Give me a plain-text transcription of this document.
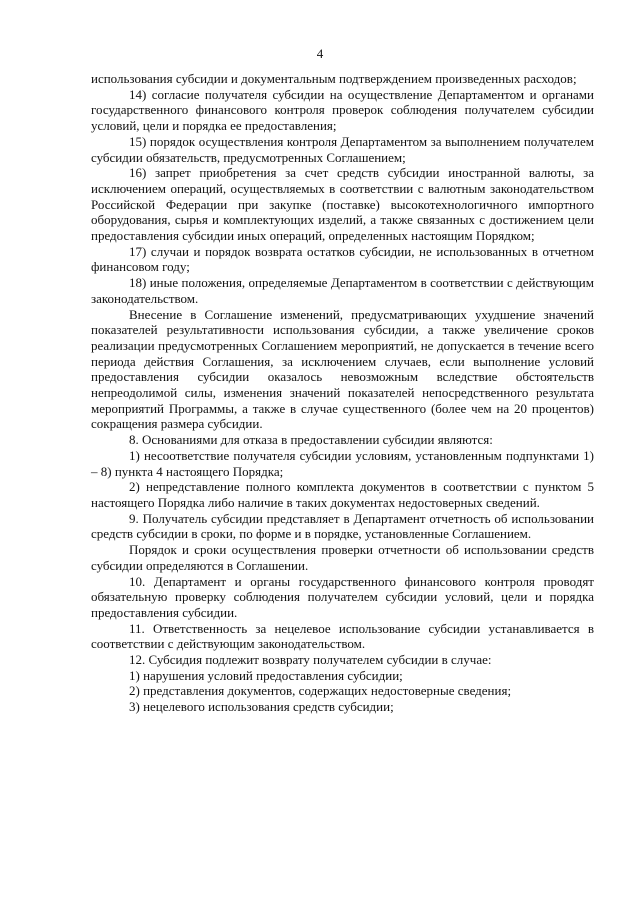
4

использования субсидии и документальным подтверждением произведенных расходов;

14) согласие получателя субсидии на осуществление Департаментом и органами государственного финансового контроля проверок соблюдения получателем субсидии условий, цели и порядка ее предоставления;

15) порядок осуществления контроля Департаментом за выполнением получателем субсидии обязательств, предусмотренных Соглашением;

16) запрет приобретения за счет средств субсидии иностранной валюты, за исключением операций, осуществляемых в соответствии с валютным законодательством Российской Федерации при закупке (поставке) высокотехнологичного импортного оборудования, сырья и комплектующих изделий, а также связанных с достижением цели предоставления субсидии иных операций, определенных настоящим Порядком;

17) случаи и порядок возврата остатков субсидии, не использованных в отчетном финансовом году;

18) иные положения, определяемые Департаментом в соответствии с действующим законодательством.

Внесение в Соглашение изменений, предусматривающих ухудшение значений показателей результативности использования субсидии, а также увеличение сроков реализации предусмотренных Соглашением мероприятий, не допускается в течение всего периода действия Соглашения, за исключением случаев, если выполнение условий предоставления субсидии оказалось невозможным вследствие обстоятельств непреодолимой силы, изменения значений показателей непосредственного результата мероприятий Программы, а также в случае существенного (более чем на 20 процентов) сокращения размера субсидии.

8. Основаниями для отказа в предоставлении субсидии являются:

1) несоответствие получателя субсидии условиям, установленным подпунктами 1) – 8) пункта 4 настоящего Порядка;

2) непредставление полного комплекта документов в соответствии с пунктом 5 настоящего Порядка либо наличие в таких документах недостоверных сведений.

9. Получатель субсидии представляет в Департамент отчетность об использовании средств субсидии в сроки, по форме и в порядке, установленные Соглашением.

Порядок и сроки осуществления проверки отчетности об использовании средств субсидии определяются в Соглашении.

10. Департамент и органы государственного финансового контроля проводят обязательную проверку соблюдения получателем субсидии условий, цели и порядка предоставления субсидии.

11. Ответственность за нецелевое использование субсидии устанавливается в соответствии с действующим законодательством.

12. Субсидия подлежит возврату получателем субсидии в случае:

1) нарушения условий предоставления субсидии;

2) представления документов, содержащих недостоверные сведения;

3) нецелевого использования средств субсидии;
